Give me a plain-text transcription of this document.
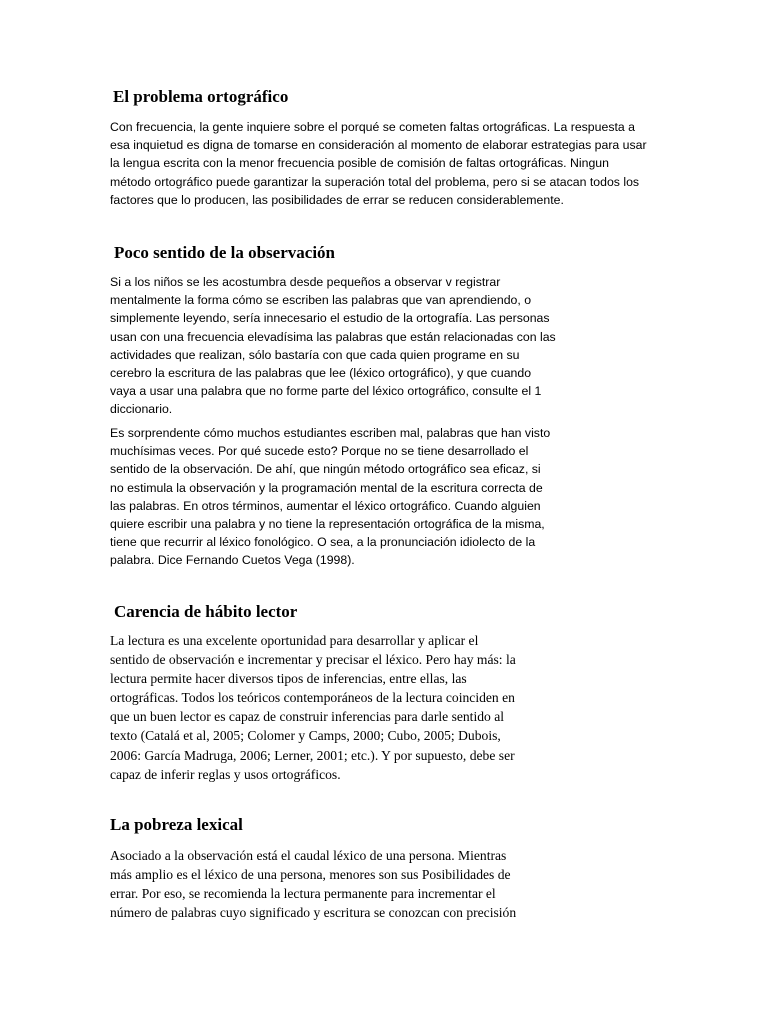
El problema ortográfico
Con frecuencia, la gente inquiere sobre el porqué se cometen faltas ortográficas. La respuesta a
esa inquietud es digna de tomarse en consideración al momento de elaborar estrategias para usar
la lengua escrita con la menor frecuencia posible de comisión de faltas ortográficas. Ningun
método ortográfico puede garantizar la superación total del problema, pero si se atacan todos los
factores que lo producen, las posibilidades de errar se reducen considerablemente.
Poco sentido de la observación
Si a los niños se les acostumbra desde pequeños a observar v registrar
mentalmente la forma cómo se escriben las palabras que van aprendiendo, o
simplemente leyendo, sería innecesario el estudio de la ortografía. Las personas
usan con una frecuencia elevadísima las palabras que están relacionadas con las
actividades que realizan, sólo bastaría con que cada quien programe en su
cerebro la escritura de las palabras que lee (léxico ortográfico), y que cuando
vaya a usar una palabra que no forme parte del léxico ortográfico, consulte el 1
diccionario.
Es sorprendente cómo muchos estudiantes escriben mal, palabras que han visto
muchísimas veces. Por qué sucede esto? Porque no se tiene desarrollado el
sentido de la observación. De ahí, que ningún método ortográfico sea eficaz, si
no estimula la observación y la programación mental de la escritura correcta de
las palabras. En otros términos, aumentar el léxico ortográfico. Cuando alguien
quiere escribir una palabra y no tiene la representación ortográfica de la misma,
tiene que recurrir al léxico fonológico. O sea, a la pronunciación idiolecto de la
palabra. Dice Fernando Cuetos Vega (1998).
Carencia de hábito lector
La lectura es una excelente oportunidad para desarrollar y aplicar el
sentido de observación e incrementar y precisar el léxico. Pero hay más: la
lectura permite hacer diversos tipos de inferencias, entre ellas, las
ortográficas. Todos los teóricos contemporáneos de la lectura coinciden en
que un buen lector es capaz de construir inferencias para darle sentido al
texto (Catalá et al, 2005; Colomer y Camps, 2000; Cubo, 2005; Dubois,
2006: García Madruga, 2006; Lerner, 2001; etc.). Y por supuesto, debe ser
capaz de inferir reglas y usos ortográficos.
La pobreza lexical
Asociado a la observación está el caudal léxico de una persona. Mientras
más amplio es el léxico de una persona, menores son sus Posibilidades de
errar. Por eso, se recomienda la lectura permanente para incrementar el
número de palabras cuyo significado y escritura se conozcan con precisión
